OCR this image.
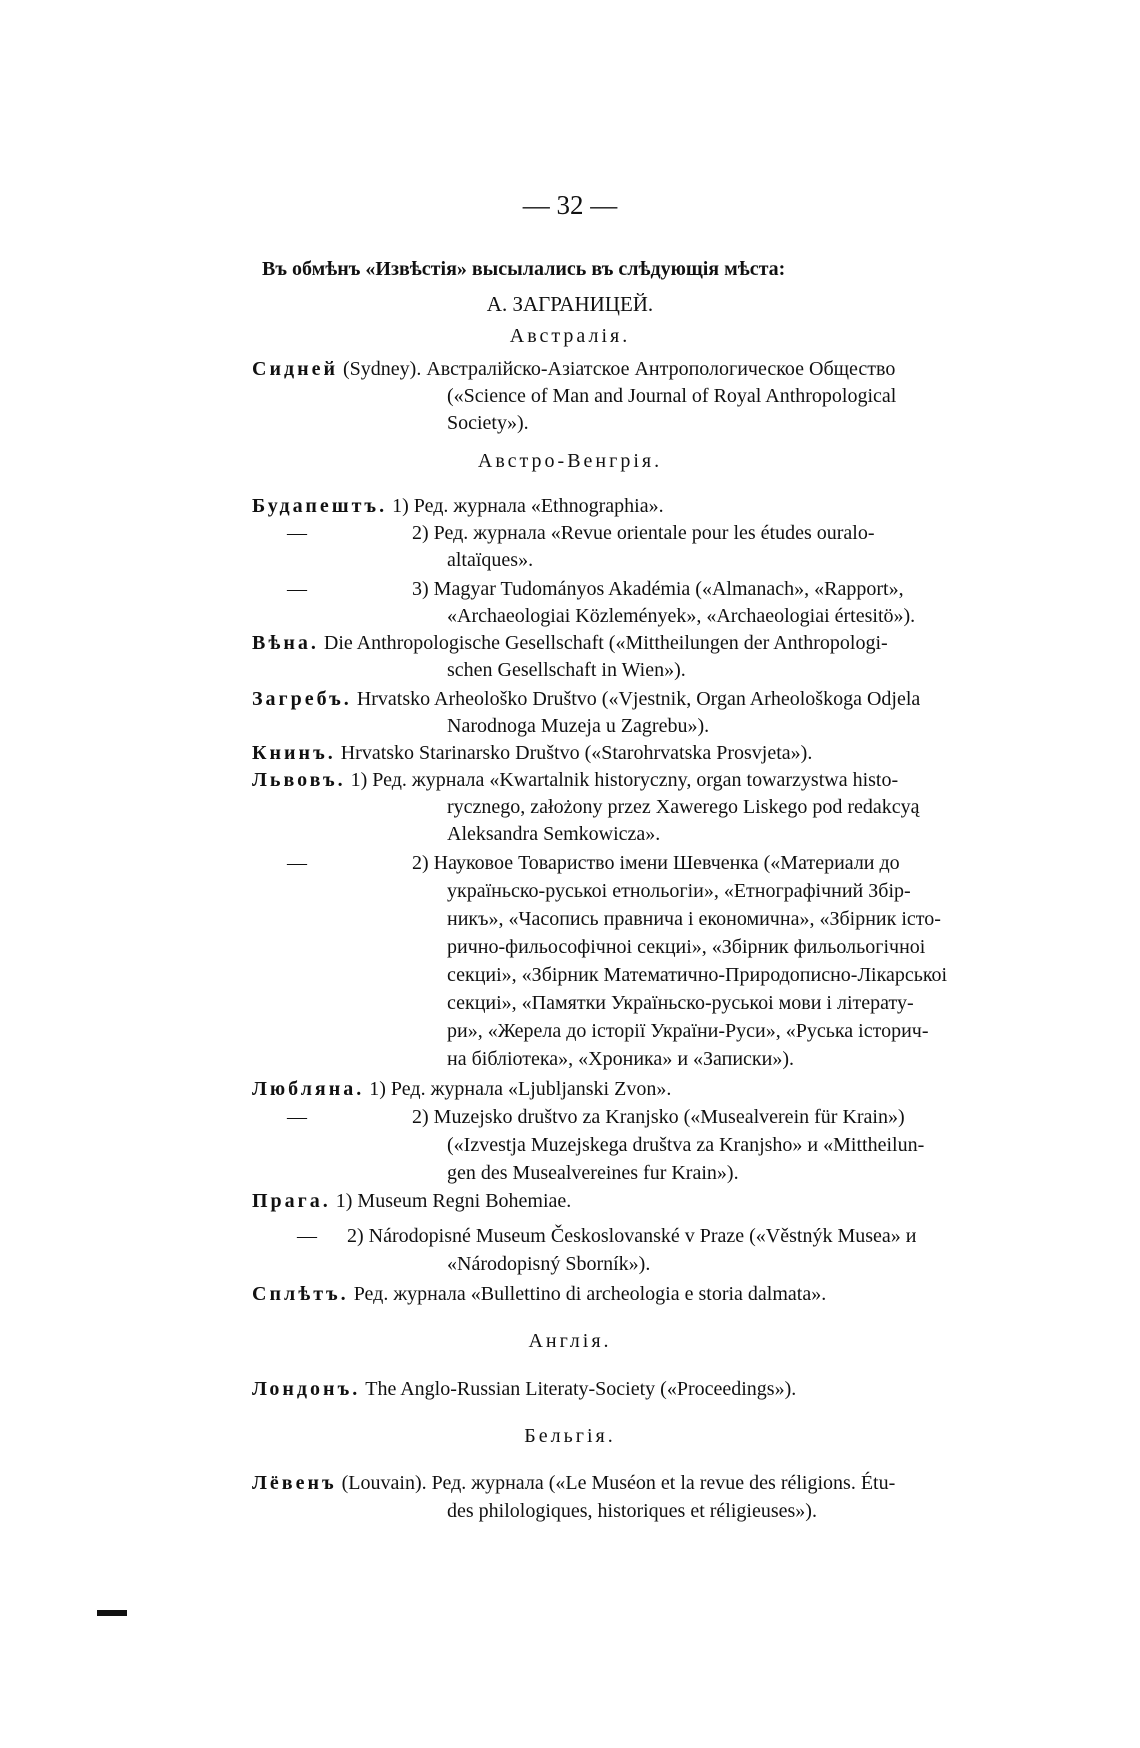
— 32 —
Въ обмѣнъ «Извѣстія» высылались въ слѣдующія мѣста:
А. ЗАГРАНИЦЕЙ.
Австралія.
Сидней (Sydney). Австралійско-Азіатское Антропологическое Общество
(«Science of Man and Journal of Royal Anthropological
Society»).
Австро-Венгрія.
Будапештъ. 1) Ред. журнала «Ethnographia».
—	2) Ред. журнала «Revue orientale pour les études ouralo-
altaïques».
—	3) Magyar Tudományos Akadémia («Almanach», «Rapport»,
«Archaeologiai Közlemények», «Archaeologiai értesitö»).
Вѣна. Die Anthropologische Gesellschaft («Mittheilungen der Anthropologi-
schen Gesellschaft in Wien»).
Загребъ. Hrvatsko Arheološko Društvo («Vjestnik, Organ Arheološkoga Odjela
Narodnoga Muzeja u Zagrebu»).
Книнъ. Hrvatsko Starinarsko Društvo («Starohrvatska Prosvjeta»).
Львовъ. 1) Ред. журнала «Kwartalnik historyczny, organ towarzystwa histo-
rycznego, założony przez Xawerego Liskego pod redakcyą
Aleksandra Semkowicza».
—	2) Науковое Товариство імени Шевченка («Материали до
україньско-руськоі етнольогіи», «Етнографічний Збір-
никъ», «Часопись правнича і економична», «Збірник істо-
рично-фильософічноі секциі», «Збірник фильольогічноі
секциі», «Збірник Математично-Природописно-Лікарськоі
секциі», «Памятки Україньско-руськоі мови і літерату-
ри», «Жерела до історії України-Руси», «Руська історич-
на бібліотека», «Хроника» и «Записки»).
Любляна. 1) Ред. журнала «Ljubljanski Zvon».
—	2) Muzejsko društvo za Kranjsko («Musealverein für Krain»)
(«Izvestja Muzejskega društva za Kranjsho» и «Mittheilun-
gen des Musealvereines fur Krain»).
Прага. 1) Museum Regni Bohemiae.
— 2) Národopisné Museum Českoslovanské v Praze («Věstnýk Musea» и
«Národopisný Sborník»).
Сплѣтъ. Ред. журнала «Bullettino di archeologia e storia dalmata».
Англія.
Лондонъ. The Anglo-Russian Literaty-Society («Proceedings»).
Бельгія.
Лёвенъ (Louvain). Ред. журнала («Le Muséon et la revue des réligions. Étu-
des philologiques, historiques et réligieuses»).
